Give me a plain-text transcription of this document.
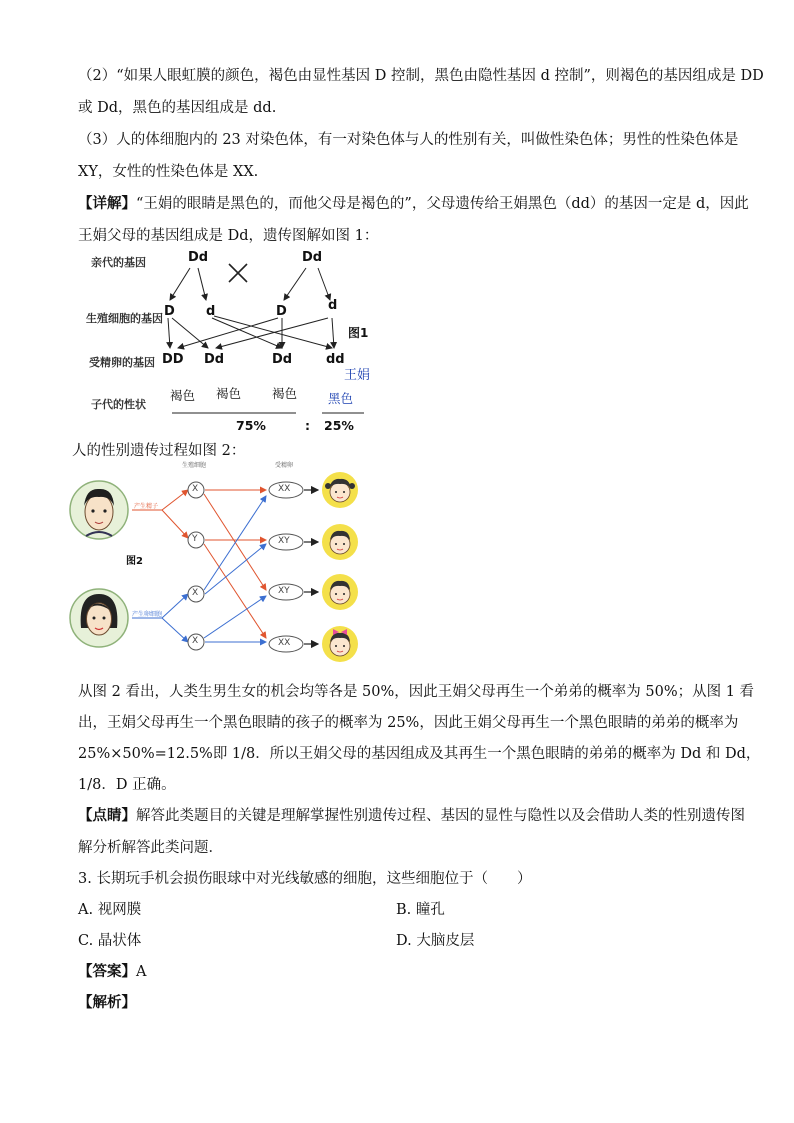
（2）“如果人眼虹膜的颜色，褐色由显性基因 D 控制，黑色由隐性基因 d 控制”，则褐色的基因组成是 DD
或 Dd，黑色的基因组成是 dd.
（3）人的体细胞内的 23 对染色体，有一对染色体与人的性别有关，叫做性染色体；男性的性染色体是
XY，女性的性染色体是 XX.
【详解】“王娟的眼睛是黑色的，而他父母是褐色的”，父母遗传给王娟黑色（dd）的基因一定是 d，因此
王娟父母的基因组成是 Dd，遗传图解如图 1：
亲代的基因
生殖细胞的基因
受精卵的基因
子代的性状
Dd	Dd
D d	D	d
图1
DD Dd	Dd	dd
王娟
褐色 褐色 褐色 黑色
75%	: 25%
人的性别遗传过程如图 2：
生殖细胞	受精卵
产生精子
产生卵细胞
图2
X
Y
X
X
XX
XY
XY
XX
从图 2 看出，人类生男生女的机会均等各是 50%，因此王娟父母再生一个弟弟的概率为 50%；从图 1 看
出，王娟父母再生一个黑色眼睛的孩子的概率为 25%，因此王娟父母再生一个黑色眼睛的弟弟的概率为
25%×50%=12.5%即 1/8．所以王娟父母的基因组成及其再生一个黑色眼睛的弟弟的概率为 Dd 和 Dd，
1/8．D 正确。
【点睛】解答此类题目的关键是理解掌握性别遗传过程、基因的显性与隐性以及会借助人类的性别遗传图
解分析解答此类问题．
3. 长期玩手机会损伤眼球中对光线敏感的细胞，这些细胞位于（　　）
A. 视网膜	B. 瞳孔
C. 晶状体	D. 大脑皮层
【答案】A
【解析】
